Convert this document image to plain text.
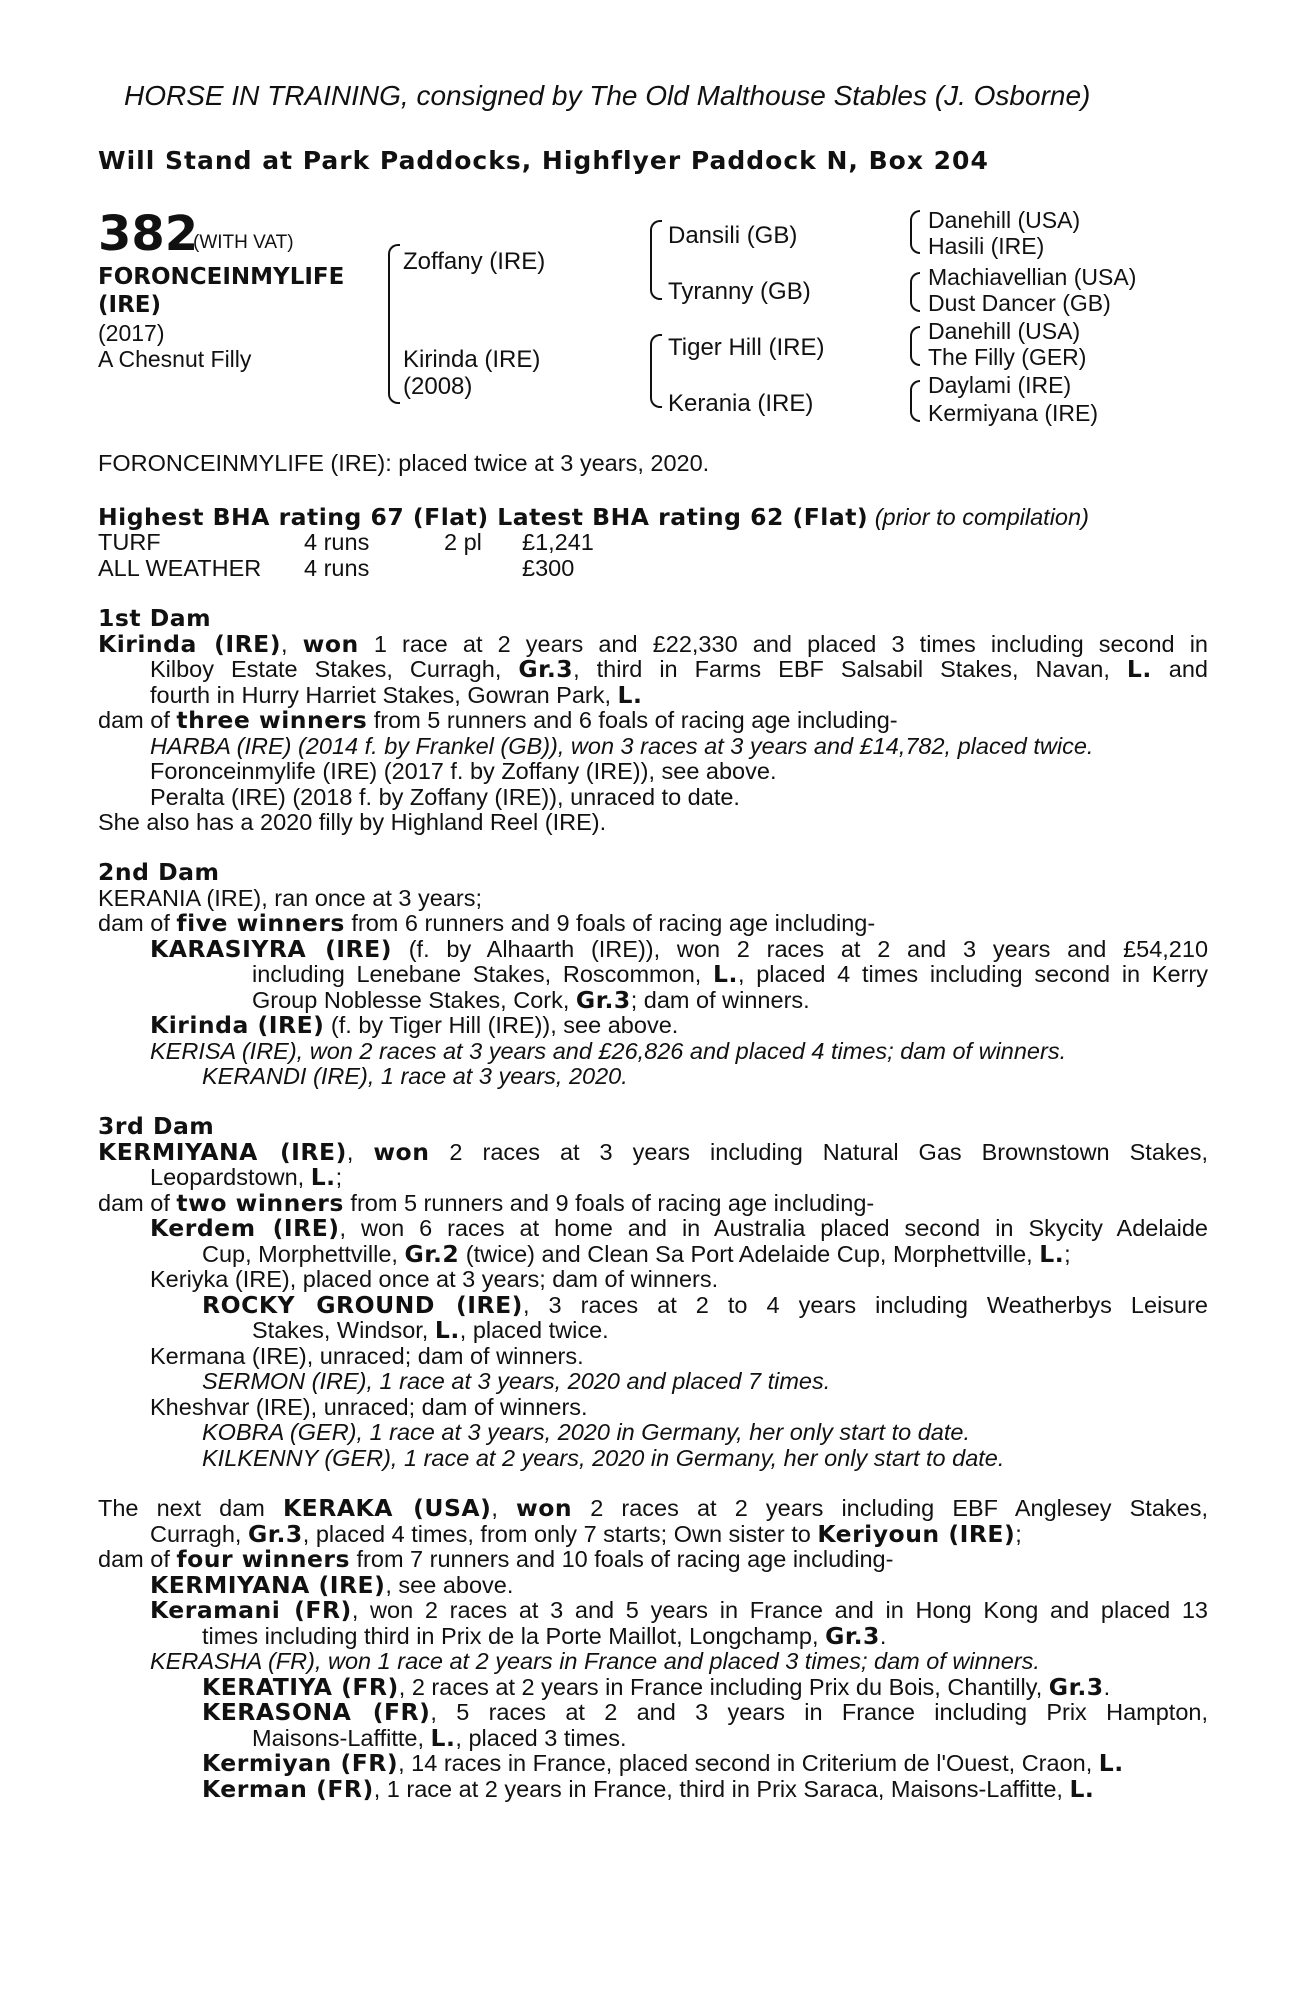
HORSE IN TRAINING, consigned by The Old Malthouse Stables (J. Osborne)
Will Stand at Park Paddocks, Highflyer Paddock N, Box 204
382
(WITH VAT)
FORONCEINMYLIFE
(IRE)
(2017)
A Chesnut Filly
Zoffany (IRE)
Kirinda (IRE)
(2008)
Dansili (GB)
Tyranny (GB)
Tiger Hill (IRE)
Kerania (IRE)
Danehill (USA)
Hasili (IRE)
Machiavellian (USA)
Dust Dancer (GB)
Danehill (USA)
The Filly (GER)
Daylami (IRE)
Kermiyana (IRE)
FORONCEINMYLIFE (IRE): placed twice at 3 years, 2020.
Highest BHA rating 67 (Flat) Latest BHA rating 62 (Flat) (prior to compilation)
TURF	4 runs	2 pl £1,241
ALL WEATHER 4 runs	£300
1st Dam
Kirinda (IRE), won 1 race at 2 years and £22,330 and placed 3 times including second in
Kilboy Estate Stakes, Curragh, Gr.3, third in Farms EBF Salsabil Stakes, Navan, L. and
fourth in Hurry Harriet Stakes, Gowran Park, L.
dam of three winners from 5 runners and 6 foals of racing age including-
HARBA (IRE) (2014 f. by Frankel (GB)), won 3 races at 3 years and £14,782, placed twice.
Foronceinmylife (IRE) (2017 f. by Zoffany (IRE)), see above.
Peralta (IRE) (2018 f. by Zoffany (IRE)), unraced to date.
She also has a 2020 filly by Highland Reel (IRE).
2nd Dam
KERANIA (IRE), ran once at 3 years;
dam of five winners from 6 runners and 9 foals of racing age including-
KARASIYRA (IRE) (f. by Alhaarth (IRE)), won 2 races at 2 and 3 years and £54,210
including Lenebane Stakes, Roscommon, L., placed 4 times including second in Kerry
Group Noblesse Stakes, Cork, Gr.3; dam of winners.
Kirinda (IRE) (f. by Tiger Hill (IRE)), see above.
KERISA (IRE), won 2 races at 3 years and £26,826 and placed 4 times; dam of winners.
KERANDI (IRE), 1 race at 3 years, 2020.
3rd Dam
KERMIYANA (IRE), won 2 races at 3 years including Natural Gas Brownstown Stakes,
Leopardstown, L.;
dam of two winners from 5 runners and 9 foals of racing age including-
Kerdem (IRE), won 6 races at home and in Australia placed second in Skycity Adelaide
Cup, Morphettville, Gr.2 (twice) and Clean Sa Port Adelaide Cup, Morphettville, L.;
Keriyka (IRE), placed once at 3 years; dam of winners.
ROCKY GROUND (IRE), 3 races at 2 to 4 years including Weatherbys Leisure
Stakes, Windsor, L., placed twice.
Kermana (IRE), unraced; dam of winners.
SERMON (IRE), 1 race at 3 years, 2020 and placed 7 times.
Kheshvar (IRE), unraced; dam of winners.
KOBRA (GER), 1 race at 3 years, 2020 in Germany, her only start to date.
KILKENNY (GER), 1 race at 2 years, 2020 in Germany, her only start to date.
The next dam KERAKA (USA), won 2 races at 2 years including EBF Anglesey Stakes,
Curragh, Gr.3, placed 4 times, from only 7 starts; Own sister to Keriyoun (IRE);
dam of four winners from 7 runners and 10 foals of racing age including-
KERMIYANA (IRE), see above.
Keramani (FR), won 2 races at 3 and 5 years in France and in Hong Kong and placed 13
times including third in Prix de la Porte Maillot, Longchamp, Gr.3.
KERASHA (FR), won 1 race at 2 years in France and placed 3 times; dam of winners.
KERATIYA (FR), 2 races at 2 years in France including Prix du Bois, Chantilly, Gr.3.
KERASONA (FR), 5 races at 2 and 3 years in France including Prix Hampton,
Maisons-Laffitte, L., placed 3 times.
Kermiyan (FR), 14 races in France, placed second in Criterium de l'Ouest, Craon, L.
Kerman (FR), 1 race at 2 years in France, third in Prix Saraca, Maisons-Laffitte, L.
